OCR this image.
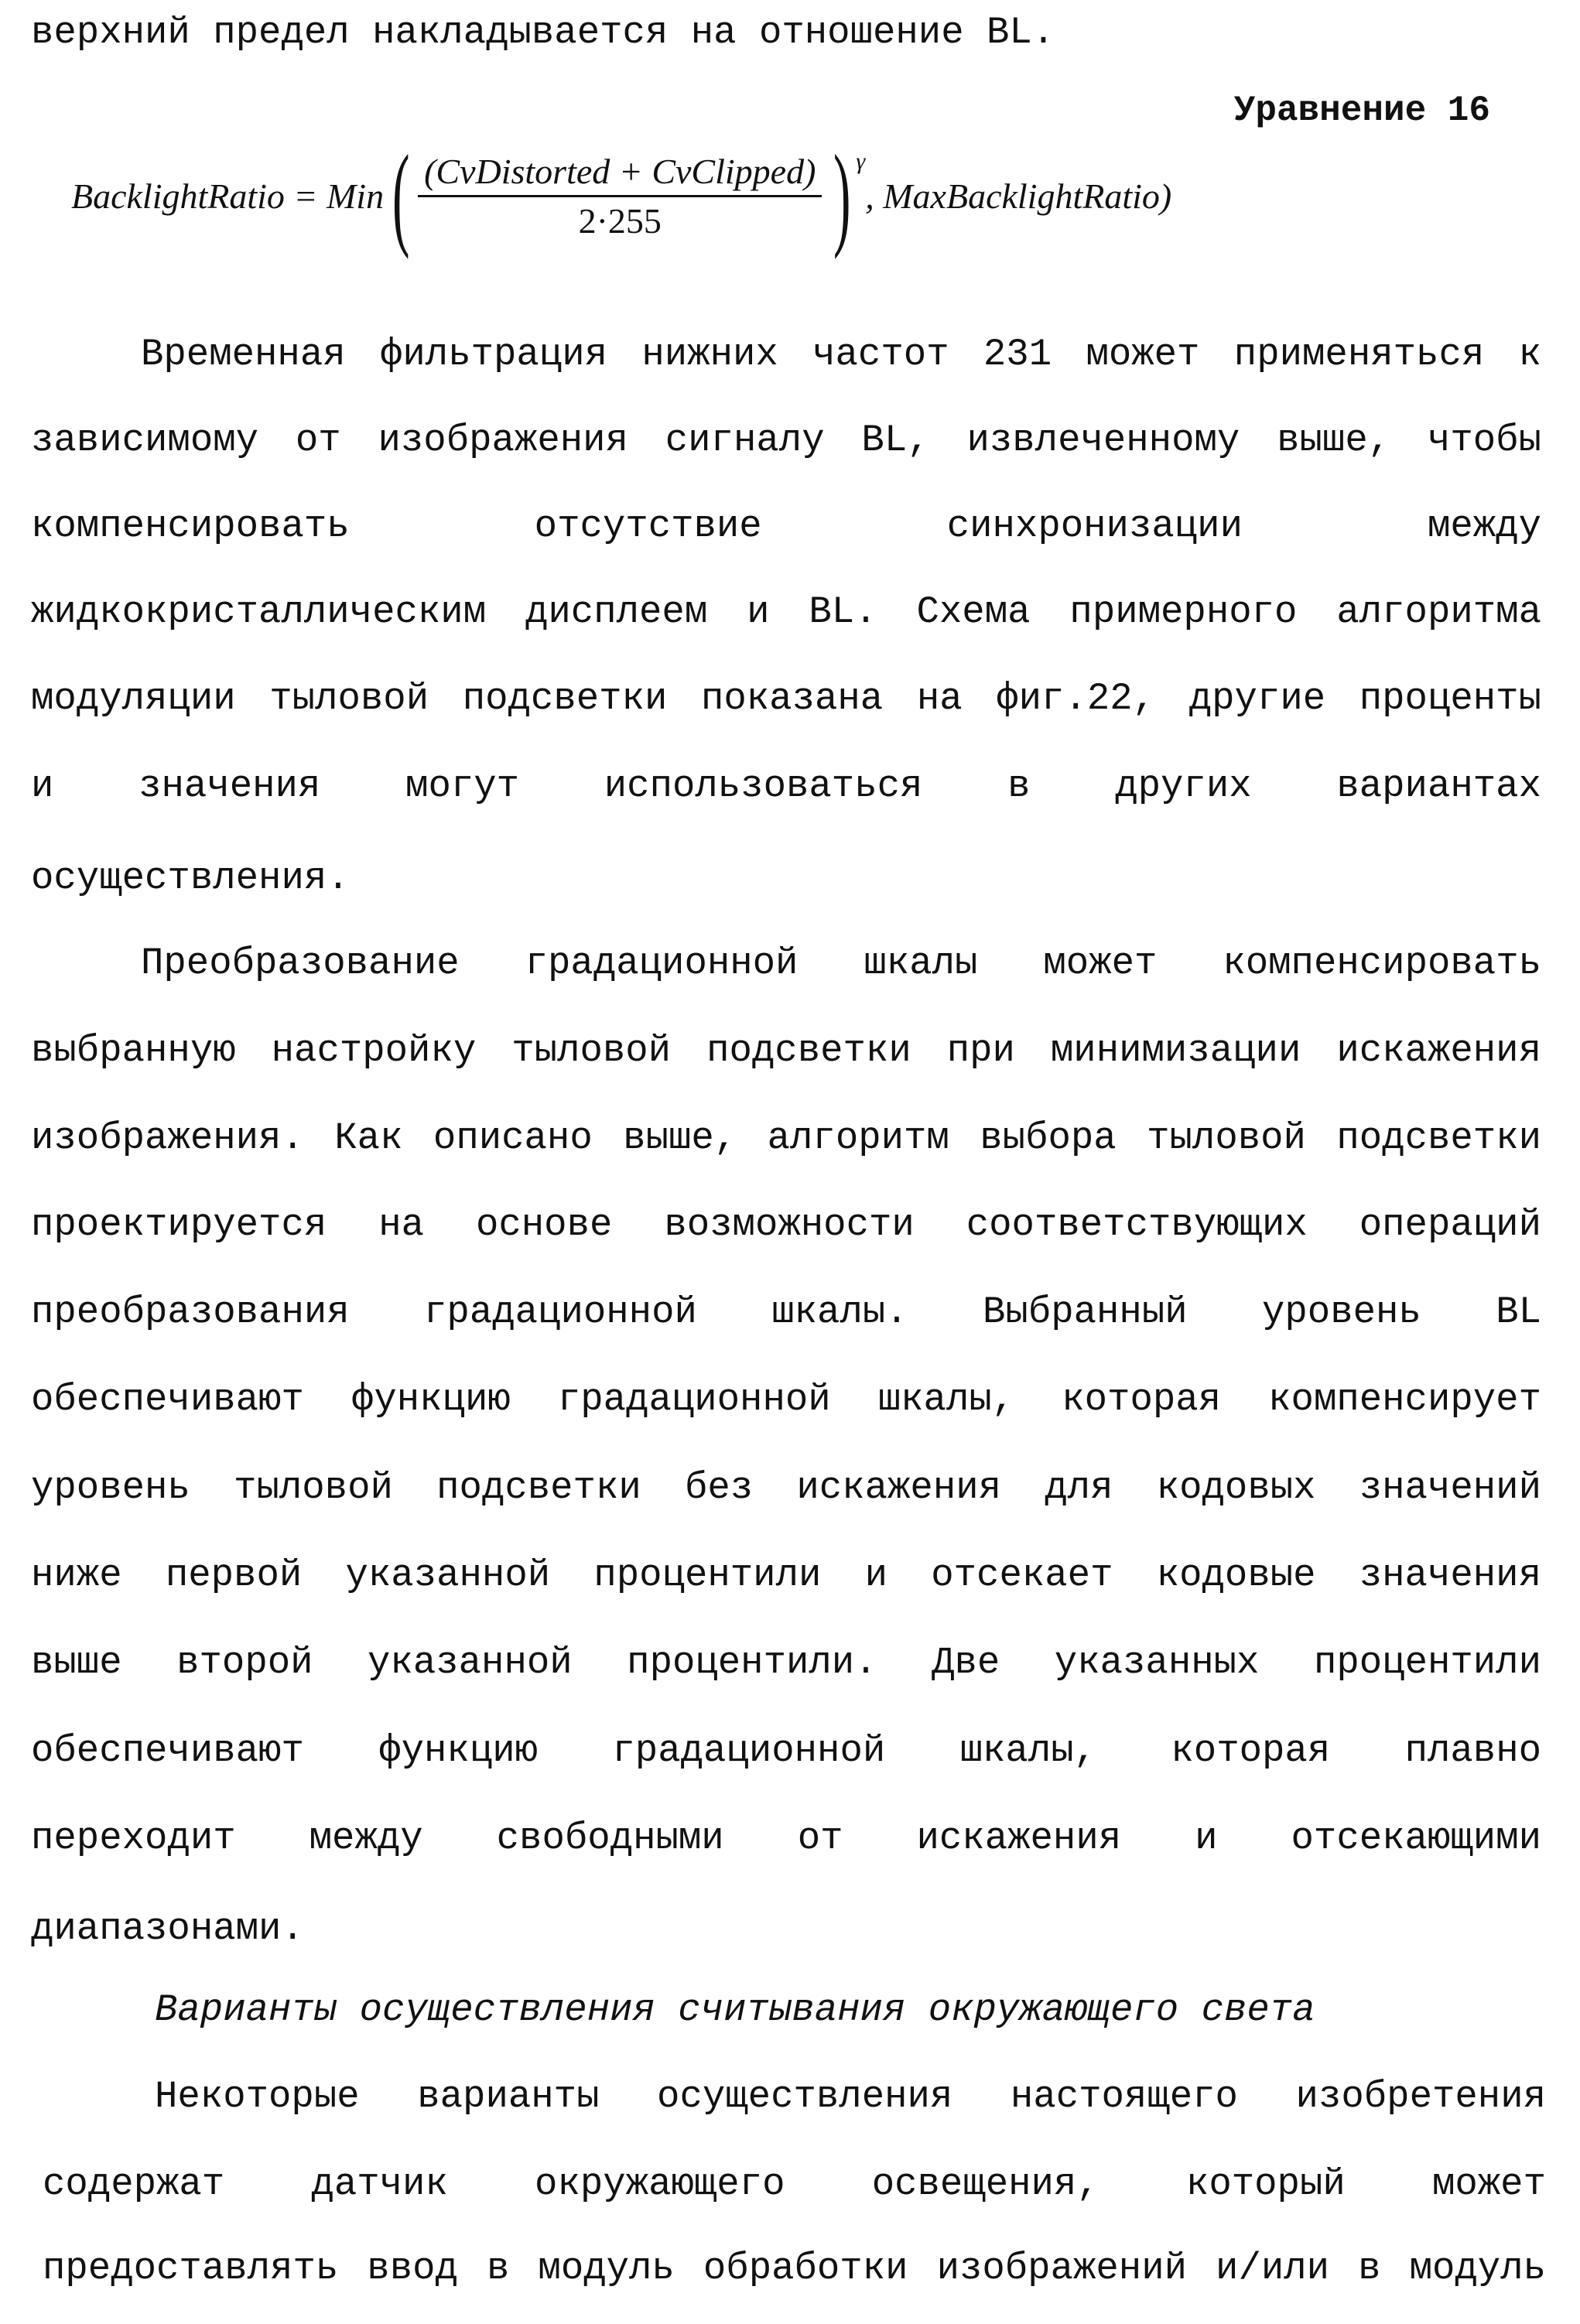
верхний предел накладывается на отношение BL.
Уравнение 16
BacklightRatio = Min ( (CvDistorted + CvClipped)
2·255 ) γ
, MaxBacklightRatio)
Временная фильтрация нижних частот 231 может применяться к
зависимому от изображения сигналу BL, извлеченному выше, чтобы
компенсировать отсутствие синхронизации между
жидкокристаллическим дисплеем и BL. Схема примерного алгоритма
модуляции тыловой подсветки показана на фиг.22, другие проценты
и значения могут использоваться в других вариантах
осуществления.
Преобразование градационной шкалы может компенсировать
выбранную настройку тыловой подсветки при минимизации искажения
изображения. Как описано выше, алгоритм выбора тыловой подсветки
проектируется на основе возможности соответствующих операций
преобразования градационной шкалы. Выбранный уровень BL
обеспечивают функцию градационной шкалы, которая компенсирует
уровень тыловой подсветки без искажения для кодовых значений
ниже первой указанной процентили и отсекает кодовые значения
выше второй указанной процентили. Две указанных процентили
обеспечивают функцию градационной шкалы, которая плавно
переходит между свободными от искажения и отсекающими
диапазонами.
Варианты осуществления считывания окружающего света
Некоторые варианты осуществления настоящего изобретения
содержат датчик окружающего освещения, который может
предоставлять ввод в модуль обработки изображений и/или в модуль
